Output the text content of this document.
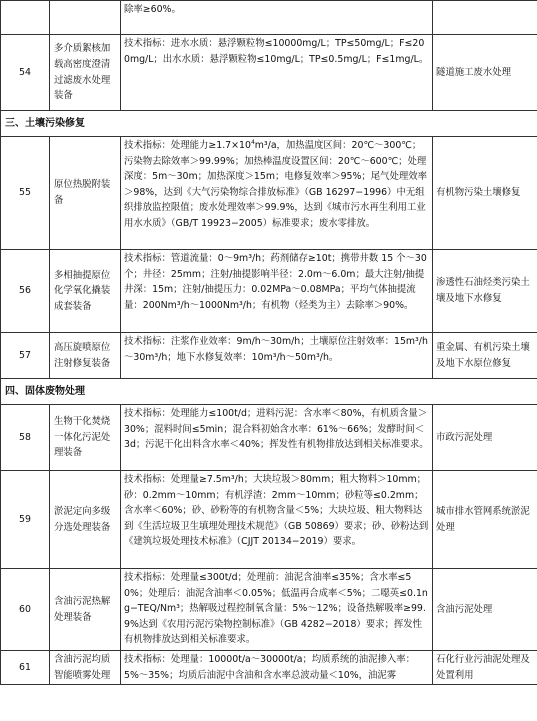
		除率≥60%。	
54	多介质絮核加载高密度澄清过滤废水处理装备	技术指标：进水水质：悬浮颗粒物≤10000mg/L；TP≤50mg/L；F≤200mg/L；出水水质：悬浮颗粒物≤10mg/L；TP≤0.5mg/L；F≤1mg/L。	隧道施工废水处理
三、土壤污染修复			
55	原位热脱附装备	技术指标：处理能力$\ge 1.7\times 10^4m^3/a$，加热温度区间：20℃～300℃；污染物去除效率＞99.99%；加热棒温度设置区间：20℃～600℃；处理深度：5m～30m；加热深度＞15m；电修复效率＞95%；尾气处理效率＞98%，达到《大气污染物综合排放标准》（GB 16297−1996）中无组织排放监控限值；废水处理效率＞99.9%，达到《城市污水再生利用工业用水水质》（GB/T 19923−2005）标准要求；废水零排放。	有机物污染土壤修复
56	多相抽提原位化学氧化撬装成套装备	技术指标：管道流量：0～9m³/h；药剂储存≥10t；携带井数 15 个～30 个；井径：25mm；注射/抽提影响半径：2.0m～6.0m；最大注射/抽提井深：15m；注射/抽提压力：0.02MPa～0.08MPa；平均气体抽提流量：200Nm³/h～1000Nm³/h；有机物（烃类为主）去除率＞90%。	渗透性石油烃类污染土壤及地下水修复
57	高压旋喷原位注射修复装备	技术指标：注浆作业效率：9m/h～30m/h；土壤原位注射效率：15m³/h～30m³/h；地下水修复效率：10m³/h～50m³/h。	重金属、有机污染土壤及地下水原位修复
四、固体废物处理			
58	生物干化焚烧一体化污泥处理装备	技术指标：处理能力≤100t/d；进料污泥：含水率＜80%，有机质含量＞30%；混料时间≤5min；混合料初始含水率：61%～66%；发酵时间＜3d；污泥干化出料含水率＜40%；挥发性有机物排放达到相关标准要求。	市政污泥处理
59	淤泥定向多级分选处理装备	技术指标：处理量≥7.5m³/h；大块垃圾＞80mm；粗大物料＞10mm；砂：0.2mm～10mm；有机浮渣：2mm～10mm；砂粒等≤0.2mm；含水率＜60%；砂、砂粉等的有机物含量＜5%；大块垃圾、粗大物料达到《生活垃圾卫生填埋处理技术规范》（GB 50869）要求；砂、砂粉达到《建筑垃圾处理技术标准》（CJJT 20134−2019）要求。	城市排水管网系统淤泥处理
60	含油污泥热解处理装备	技术指标：处理量≤300t/d；处理前：油泥含油率≤35%；含水率≤50%；处理后：油泥含油率＜0.05%；低温再合成率＜5%；二噁英≤0.1ng−TEQ/Nm³；热解吸过程控制氧含量：5%～12%；设备热解吸率≥99.9%达到《农用污泥污染物控制标准》（GB 4282−2018）要求；挥发性有机物排放达到相关标准要求。	含油污泥处理
61	含油污泥均质智能喷雾处理	技术指标：处理量：10000t/a～30000t/a；均质系统的油泥掺入率：5%～35%；均质后油泥中含油和含水率总波动量＜10%，油泥雾	石化行业污油泥处理及处置利用
